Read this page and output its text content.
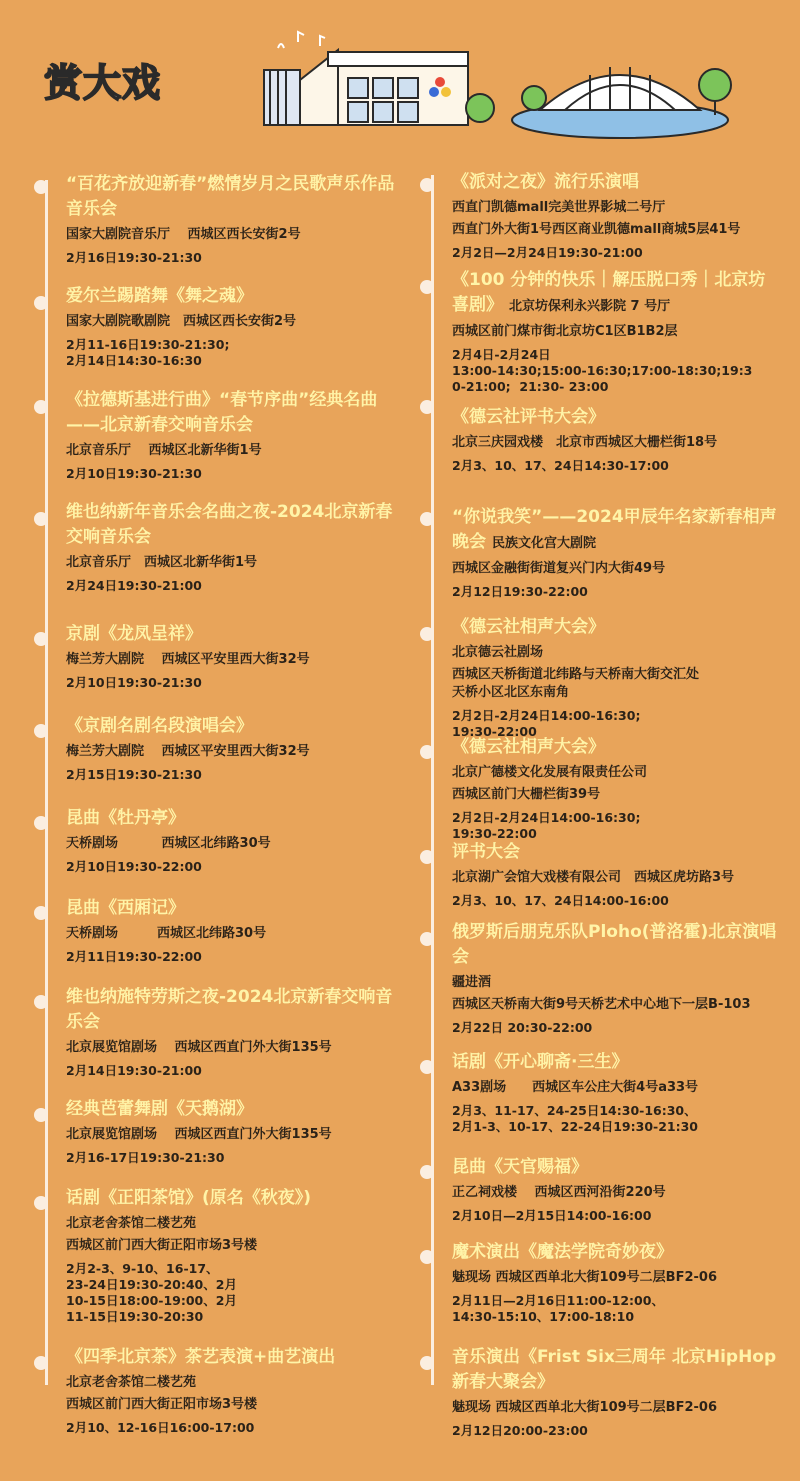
赏大戏
“百花齐放迎新春”燃情岁月之民歌声乐作品音乐会
国家大剧院音乐厅　 西城区西长安街2号
2月16日19:30-21:30
爱尔兰踢踏舞《舞之魂》
国家大剧院歌剧院　西城区西长安街2号
2月11-16日19:30-21:30;
2月14日14:30-16:30
《拉德斯基进行曲》“春节序曲”经典名曲——北京新春交响音乐会
北京音乐厅　 西城区北新华街1号
2月10日19:30-21:30
维也纳新年音乐会名曲之夜-2024北京新春交响音乐会
北京音乐厅　西城区北新华街1号
2月24日19:30-21:00
京剧《龙凤呈祥》
梅兰芳大剧院　 西城区平安里西大街32号
2月10日19:30-21:30
《京剧名剧名段演唱会》
梅兰芳大剧院　 西城区平安里西大街32号
2月15日19:30-21:30
昆曲《牡丹亭》
天桥剧场　　　 西城区北纬路30号
2月10日19:30-22:00
昆曲《西厢记》
天桥剧场　　　西城区北纬路30号
2月11日19:30-22:00
维也纳施特劳斯之夜-2024北京新春交响音乐会
北京展览馆剧场　 西城区西直门外大街135号
2月14日19:30-21:00
经典芭蕾舞剧《天鹅湖》
北京展览馆剧场　 西城区西直门外大街135号
2月16-17日19:30-21:30
话剧《正阳茶馆》(原名《秋夜》)
北京老舍茶馆二楼艺苑
西城区前门西大街正阳市场3号楼
2月2-3、9-10、16-17、
23-24日19:30-20:40、2月
10-15日18:00-19:00、2月
11-15日19:30-20:30
《四季北京茶》茶艺表演+曲艺演出
北京老舍茶馆二楼艺苑
西城区前门西大街正阳市场3号楼
2月10、12-16日16:00-17:00
《派对之夜》流行乐演唱
西直门凯德mall完美世界影城二号厅
西直门外大街1号西区商业凯德mall商城5层41号
2月2日—2月24日19:30-21:00
《100 分钟的快乐｜解压脱口秀｜北京坊喜剧》 北京坊保利永兴影院 7 号厅
西城区前门煤市街北京坊C1区B1B2层
2月4日-2月24日
13:00-14:30;15:00-16:30;17:00-18:30;19:3
0-21:00;  21:30- 23:00
《德云社评书大会》
北京三庆园戏楼　北京市西城区大栅栏街18号
2月3、10、17、24日14:30-17:00
“你说我笑”——2024甲辰年名家新春相声晚会 民族文化宫大剧院
西城区金融街街道复兴门内大街49号
2月12日19:30-22:00
《德云社相声大会》
北京德云社剧场
西城区天桥街道北纬路与天桥南大街交汇处
天桥小区北区东南角
2月2日-2月24日14:00-16:30;
19:30-22:00
《德云社相声大会》
北京广德楼文化发展有限责任公司
西城区前门大栅栏街39号
2月2日-2月24日14:00-16:30;
19:30-22:00
评书大会
北京湖广会馆大戏楼有限公司　西城区虎坊路3号
2月3、10、17、24日14:00-16:00
俄罗斯后朋克乐队Ploho(普洛霍)北京演唱会
疆进酒
西城区天桥南大街9号天桥艺术中心地下一层B-103
2月22日 20:30-22:00
话剧《开心聊斋·三生》
A33剧场　　西城区车公庄大街4号a33号
2月3、11-17、24-25日14:30-16:30、
2月1-3、10-17、22-24日19:30-21:30
昆曲《天官赐福》
正乙祠戏楼　 西城区西河沿街220号
2月10日—2月15日14:00-16:00
魔术演出《魔法学院奇妙夜》
魅现场 西城区西单北大街109号二层BF2-06
2月11日—2月16日11:00-12:00、
14:30-15:10、17:00-18:10
音乐演出《Frist Six三周年 北京HipHop新春大聚会》
魅现场 西城区西单北大街109号二层BF2-06
2月12日20:00-23:00
